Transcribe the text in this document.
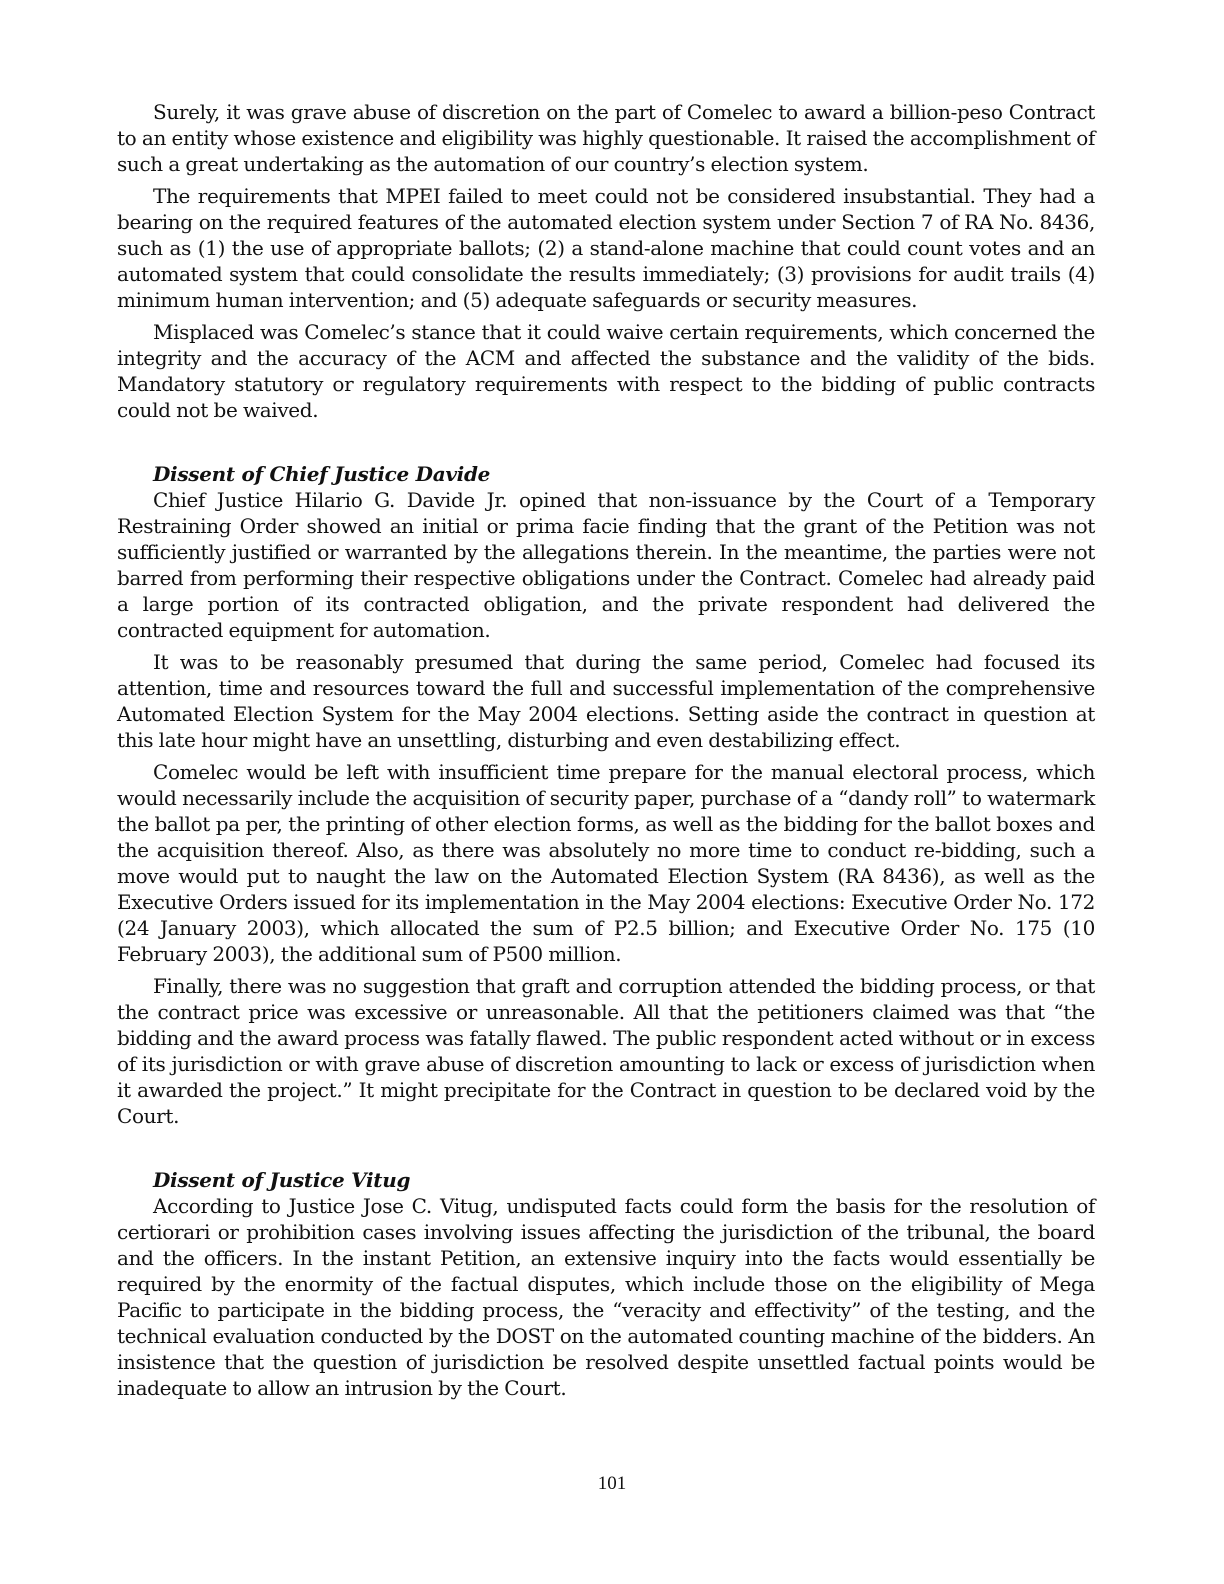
Surely, it was grave abuse of discretion on the part of Comelec to award a billion-peso Contract to an entity whose existence and eligibility was highly questionable. It raised the accomplishment of such a great undertaking as the automation of our country’s election system.

The requirements that MPEI failed to meet could not be considered insubstantial. They had a bearing on the required features of the automated election system under Section 7 of RA No. 8436, such as (1) the use of appropriate ballots; (2) a stand-alone machine that could count votes and an automated system that could consolidate the results immediately; (3) provisions for audit trails (4) minimum human intervention; and (5) adequate safeguards or security measures.

Misplaced was Comelec’s stance that it could waive certain requirements, which concerned the integrity and the accuracy of the ACM and affected the substance and the validity of the bids. Mandatory statutory or regulatory requirements with respect to the bidding of public contracts could not be waived.

Dissent of Chief Justice Davide

Chief Justice Hilario G. Davide Jr. opined that non-issuance by the Court of a Temporary Restraining Order showed an initial or prima facie finding that the grant of the Petition was not sufficiently justified or warranted by the allegations therein. In the meantime, the parties were not barred from performing their respective obligations under the Contract. Comelec had already paid a large portion of its contracted obligation, and the private respondent had delivered the contracted equipment for automation.

It was to be reasonably presumed that during the same period, Comelec had focused its attention, time and resources toward the full and successful implementation of the comprehensive Automated Election System for the May 2004 elections. Setting aside the contract in question at this late hour might have an unsettling, disturbing and even destabilizing effect.

Comelec would be left with insufficient time prepare for the manual electoral process, which would necessarily include the acquisition of security paper, purchase of a “dandy roll” to watermark the ballot pa per, the printing of other election forms, as well as the bidding for the ballot boxes and the acquisition thereof. Also, as there was absolutely no more time to conduct re-bidding, such a move would put to naught the law on the Automated Election System (RA 8436), as well as the Executive Orders issued for its implementation in the May 2004 elections: Executive Order No. 172 (24 January 2003), which allocated the sum of P2.5 billion; and Executive Order No. 175 (10 February 2003), the additional sum of P500 million.

Finally, there was no suggestion that graft and corruption attended the bidding process, or that the contract price was excessive or unreasonable. All that the petitioners claimed was that “the bidding and the award process was fatally flawed. The public respondent acted without or in excess of its jurisdiction or with grave abuse of discretion amounting to lack or excess of jurisdiction when it awarded the project.” It might precipitate for the Contract in question to be declared void by the Court.

Dissent of Justice Vitug

According to Justice Jose C. Vitug, undisputed facts could form the basis for the resolution of certiorari or prohibition cases involving issues affecting the jurisdiction of the tribunal, the board and the officers. In the instant Petition, an extensive inquiry into the facts would essentially be required by the enormity of the factual disputes, which include those on the eligibility of Mega Pacific to participate in the bidding process, the “veracity and effectivity” of the testing, and the technical evaluation conducted by the DOST on the automated counting machine of the bidders. An insistence that the question of jurisdiction be resolved despite unsettled factual points would be inadequate to allow an intrusion by the Court.

101
